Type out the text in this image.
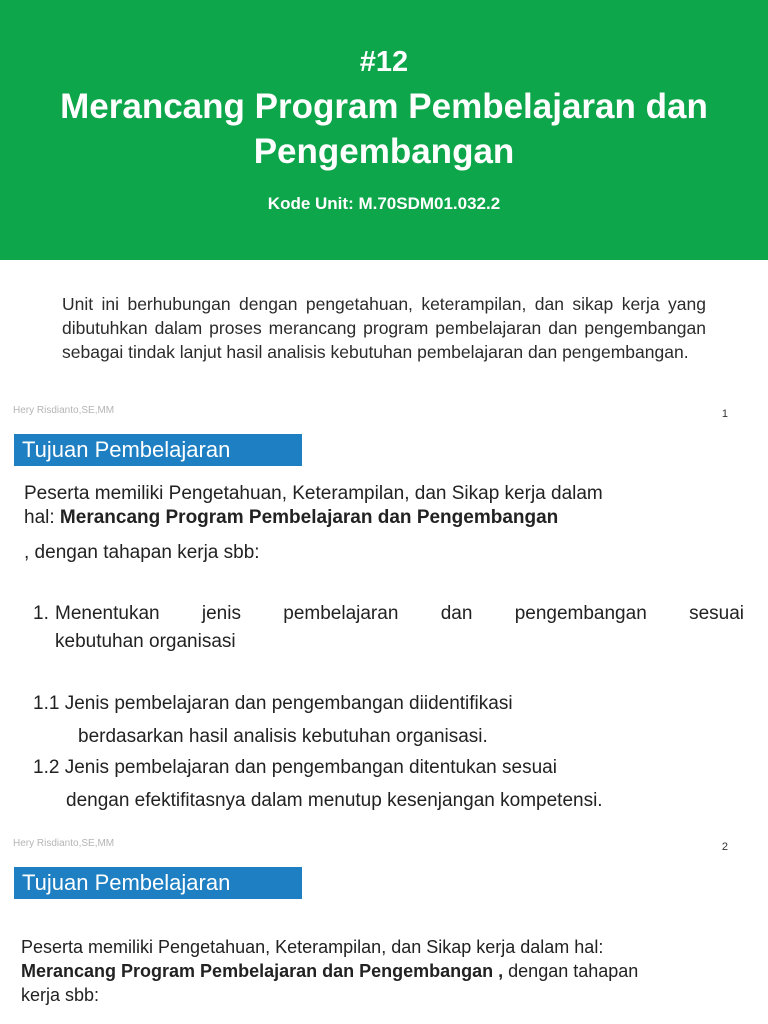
#12
Merancang Program Pembelajaran dan
Pengembangan
Kode Unit: M.70SDM01.032.2
Unit ini berhubungan dengan pengetahuan, keterampilan, dan sikap kerja yang dibutuhkan dalam proses merancang program pembelajaran dan pengembangan sebagai tindak lanjut hasil analisis kebutuhan pembelajaran dan pengembangan.
Hery Risdianto,SE,MM	1
Tujuan Pembelajaran
Peserta memiliki Pengetahuan, Keterampilan, dan Sikap kerja dalam
hal: Merancang Program Pembelajaran dan Pengembangan
, dengan tahapan kerja sbb:
1. Menentukan jenis pembelajaran dan pengembangan sesuai
kebutuhan organisasi
1.1 Jenis pembelajaran dan pengembangan diidentifikasi
berdasarkan hasil analisis kebutuhan organisasi.
1.2 Jenis pembelajaran dan pengembangan ditentukan sesuai
dengan efektifitasnya dalam menutup kesenjangan kompetensi.
Hery Risdianto,SE,MM	2
Tujuan Pembelajaran
Peserta memiliki Pengetahuan, Keterampilan, dan Sikap kerja dalam hal:
Merancang Program Pembelajaran dan Pengembangan , dengan tahapan
kerja sbb:
